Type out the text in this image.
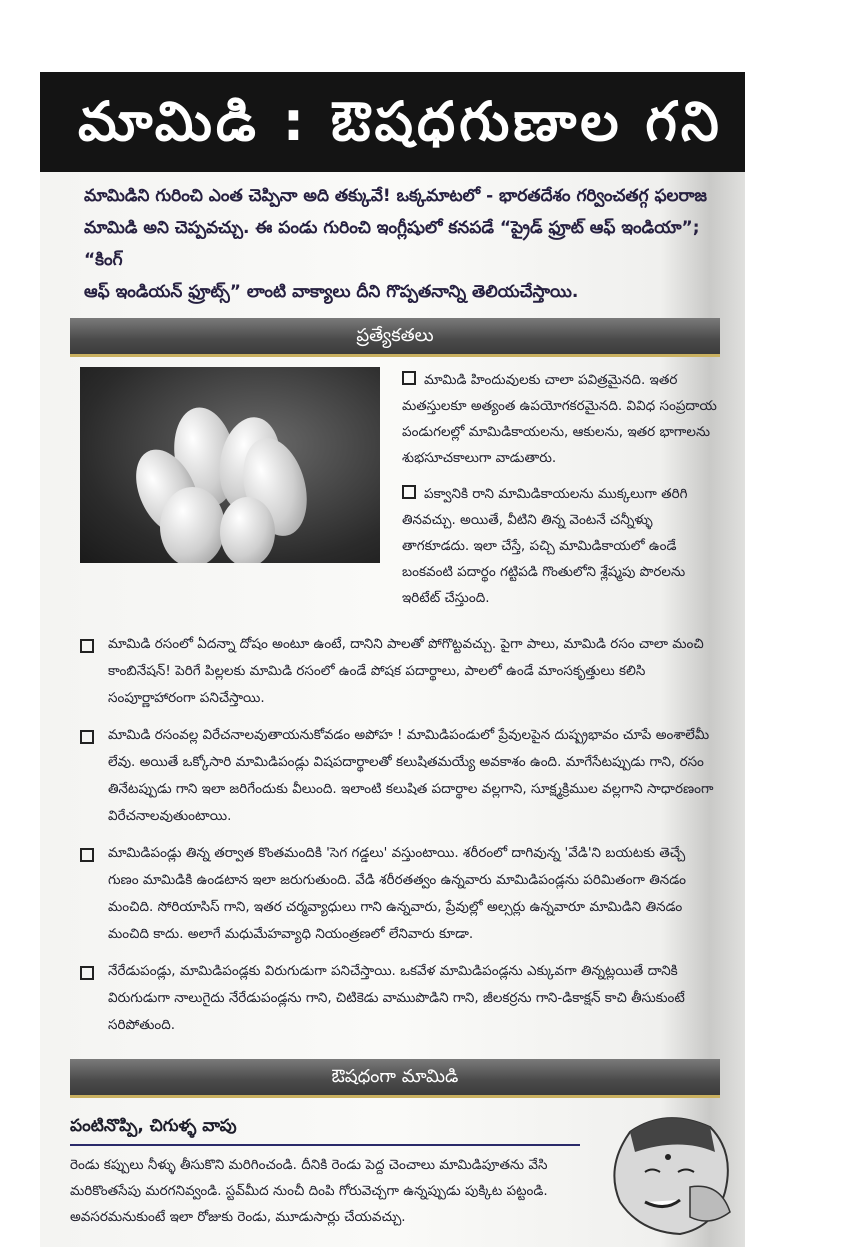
మామిడి : ఔషధగుణాల గని
మామిడిని గురించి ఎంత చెప్పినా అది తక్కువే! ఒక్కమాటలో - భారతదేశం గర్వించతగ్గ ఫలరాజ
మామిడి అని చెప్పవచ్చు. ఈ పండు గురించి ఇంగ్లీషులో కనపడే “ప్రైడ్ ఫ్రూట్ ఆఫ్ ఇండియా”; “కింగ్
ఆఫ్ ఇండియన్ ఫ్రూట్స్” లాంటి వాక్యాలు దీని గొప్పతనాన్ని తెలియచేస్తాయి.
ప్రత్యేకతలు

మామిడి హిందువులకు చాలా పవిత్రమైనది. ఇతర మతస్తులకూ అత్యంత ఉపయోగకరమైనది. వివిధ సంప్రదాయ పండుగలల్లో మామిడికాయలను, ఆకులను, ఇతర భాగాలను శుభసూచకాలుగా వాడుతారు.

పక్వానికి రాని మామిడికాయలను ముక్కలుగా తరిగి తినవచ్చు. అయితే, వీటిని తిన్న వెంటనే చన్నీళ్ళు తాగకూడదు. ఇలా చేస్తే, పచ్చి మామిడికాయలో ఉండే బంకవంటి పదార్థం గట్టిపడి గొంతులోని శ్లేష్మపు పొరలను ఇరిటేట్ చేస్తుంది.

మామిడి రసంలో ఏదన్నా దోషం అంటూ ఉంటే, దానిని పాలతో పోగొట్టవచ్చు. పైగా పాలు, మామిడి రసం చాలా మంచి కాంబినేషన్! పెరిగే పిల్లలకు మామిడి రసంలో ఉండే పోషక పదార్థాలు, పాలలో ఉండే మాంసకృత్తులు కలిసి సంపూర్ణాహారంగా పనిచేస్తాయి.
మామిడి రసంవల్ల విరేచనాలవుతాయనుకోవడం అపోహ ! మామిడిపండులో ప్రేవులపైన దుష్ప్రభావం చూపే అంశాలేమీ లేవు. అయితే ఒక్కోసారి మామిడిపండ్లు విషపదార్థాలతో కలుషితమయ్యే అవకాశం ఉంది. మాగేసేటప్పుడు గాని, రసం తినేటప్పుడు గాని ఇలా జరిగేందుకు వీలుంది. ఇలాంటి కలుషిత పదార్థాల వల్లగాని, సూక్ష్మక్రిముల వల్లగాని సాధారణంగా విరేచనాలవుతుంటాయి.
మామిడిపండ్లు తిన్న తర్వాత కొంతమందికి 'సెగ గడ్డలు' వస్తుంటాయి. శరీరంలో దాగివున్న 'వేడి'ని బయటకు తెచ్చే గుణం మామిడికి ఉండటాన ఇలా జరుగుతుంది. వేడి శరీరతత్వం ఉన్నవారు మామిడిపండ్లను పరిమితంగా తినడం మంచిది. సోరియాసిస్ గాని, ఇతర చర్మవ్యాధులు గాని ఉన్నవారు, ప్రేవుల్లో అల్సర్లు ఉన్నవారూ మామిడిని తినడం మంచిది కాదు. అలాగే మధుమేహవ్యాధి నియంత్రణలో లేనివారు కూడా.
నేరేడుపండ్లు, మామిడిపండ్లకు విరుగుడుగా పనిచేస్తాయి. ఒకవేళ మామిడిపండ్లను ఎక్కువగా తిన్నట్లయితే దానికి విరుగుడుగా నాలుగైదు నేరేడుపండ్లను గాని, చిటికెడు వాముపొడిని గాని, జీలకర్రను గాని-డికాక్షన్ కాచి తీసుకుంటే సరిపోతుంది.
ఔషధంగా మామిడి
పంటినొప్పి, చిగుళ్ళ వాపు
రెండు కప్పులు నీళ్ళు తీసుకొని మరిగించండి. దీనికి రెండు పెద్ద చెంచాలు మామిడిపూతను వేసి మరికొంతసేపు మరగనివ్వండి. స్టవ్‌మీద నుంచీ దింపి గోరువెచ్చగా ఉన్నప్పుడు పుక్కిట పట్టండి. అవసరమనుకుంటే ఇలా రోజుకు రెండు, మూడుసార్లు చేయవచ్చు.
